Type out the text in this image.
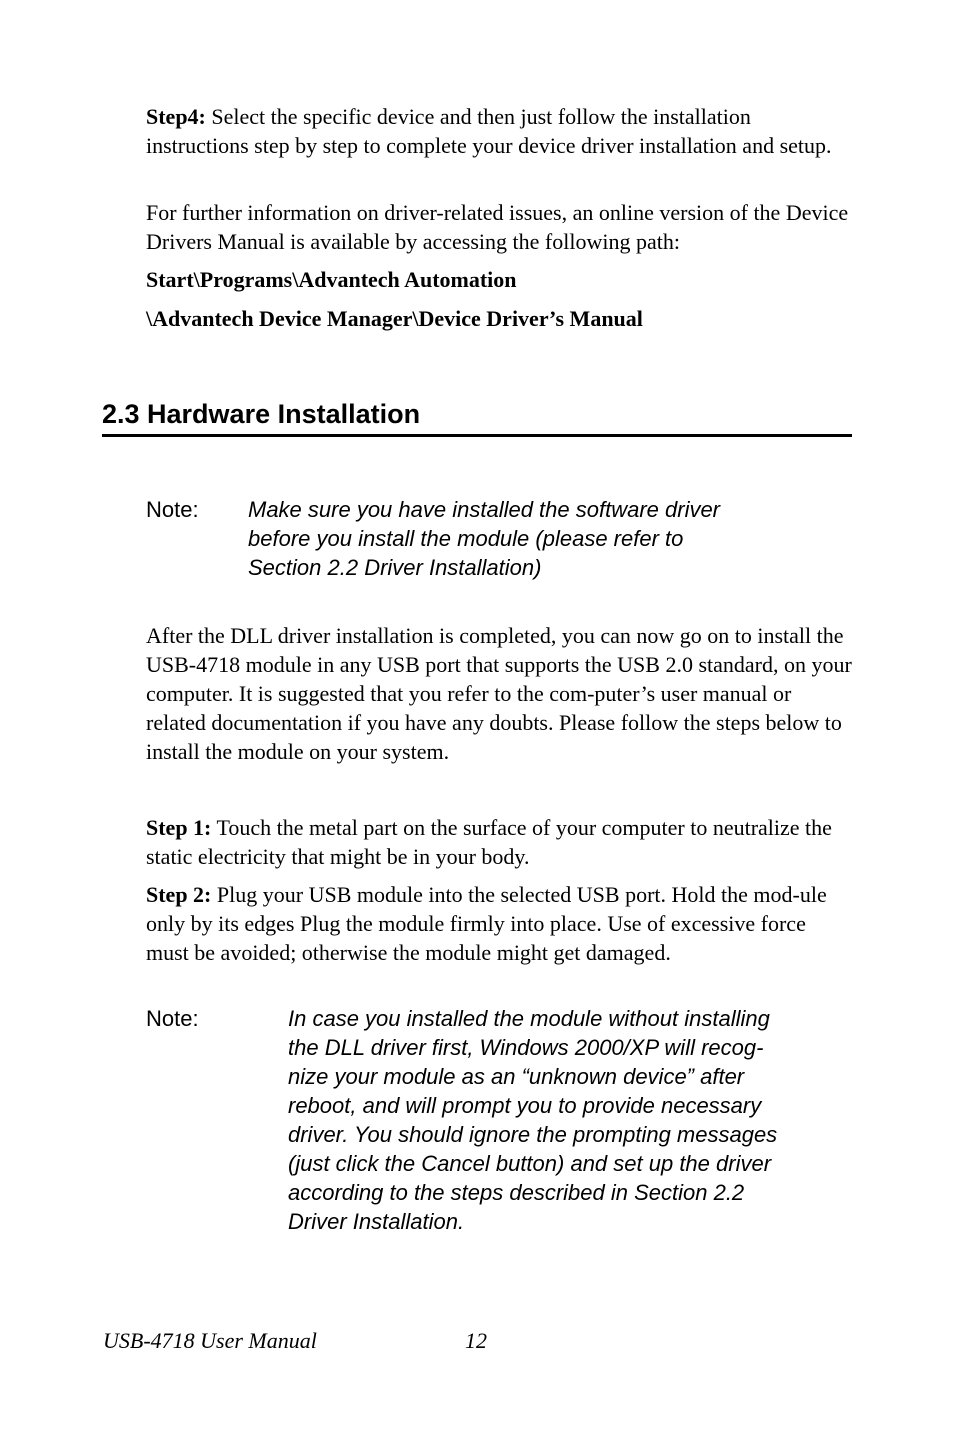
Step4: Select the specific device and then just follow the installation instructions step by step to complete your device driver installation and setup.

For further information on driver-related issues, an online version of the Device Drivers Manual is available by accessing the following path:

Start\Programs\Advantech Automation

\Advantech Device Manager\Device Driver’s Manual

2.3 Hardware Installation
Note: Make sure you have installed the software driver
before you install the module (please refer to
Section 2.2 Driver Installation)

After the DLL driver installation is completed, you can now go on to install the USB-4718 module in any USB port that supports the USB 2.0 standard, on your computer. It is suggested that you refer to the com-puter’s user manual or related documentation if you have any doubts. Please follow the steps below to install the module on your system.

Step 1: Touch the metal part on the surface of your computer to neutralize the static electricity that might be in your body.

Step 2: Plug your USB module into the selected USB port. Hold the mod-ule only by its edges Plug the module firmly into place. Use of excessive force must be avoided; otherwise the module might get damaged.

Note:	In case you installed the module without installing
the DLL driver first, Windows 2000/XP will recog-
nize your module as an “unknown device” after
reboot, and will prompt you to provide necessary
driver. You should ignore the prompting messages
(just click the Cancel button) and set up the driver
according to the steps described in Section 2.2
Driver Installation.
USB-4718 User Manual	12
